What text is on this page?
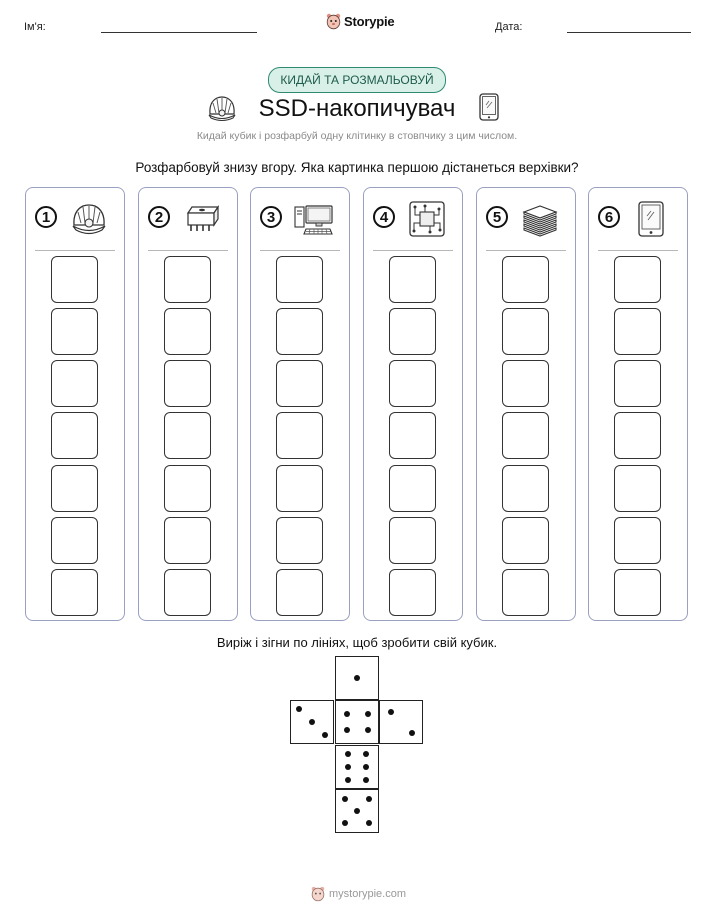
Ім'я:	Storypie	Дата:
КИДАЙ ТА РОЗМАЛЬОВУЙ
SSD-накопичувач
Кидай кубик і розфарбуй одну клітинку в стовпчику з цим числом.
Розфарбовуй знизу вгору. Яка картинка першою дістанеться верхівки?
1	2	3	4	5	6
Виріж і зігни по лініях, щоб зробити свій кубик.
mystorypie.com
